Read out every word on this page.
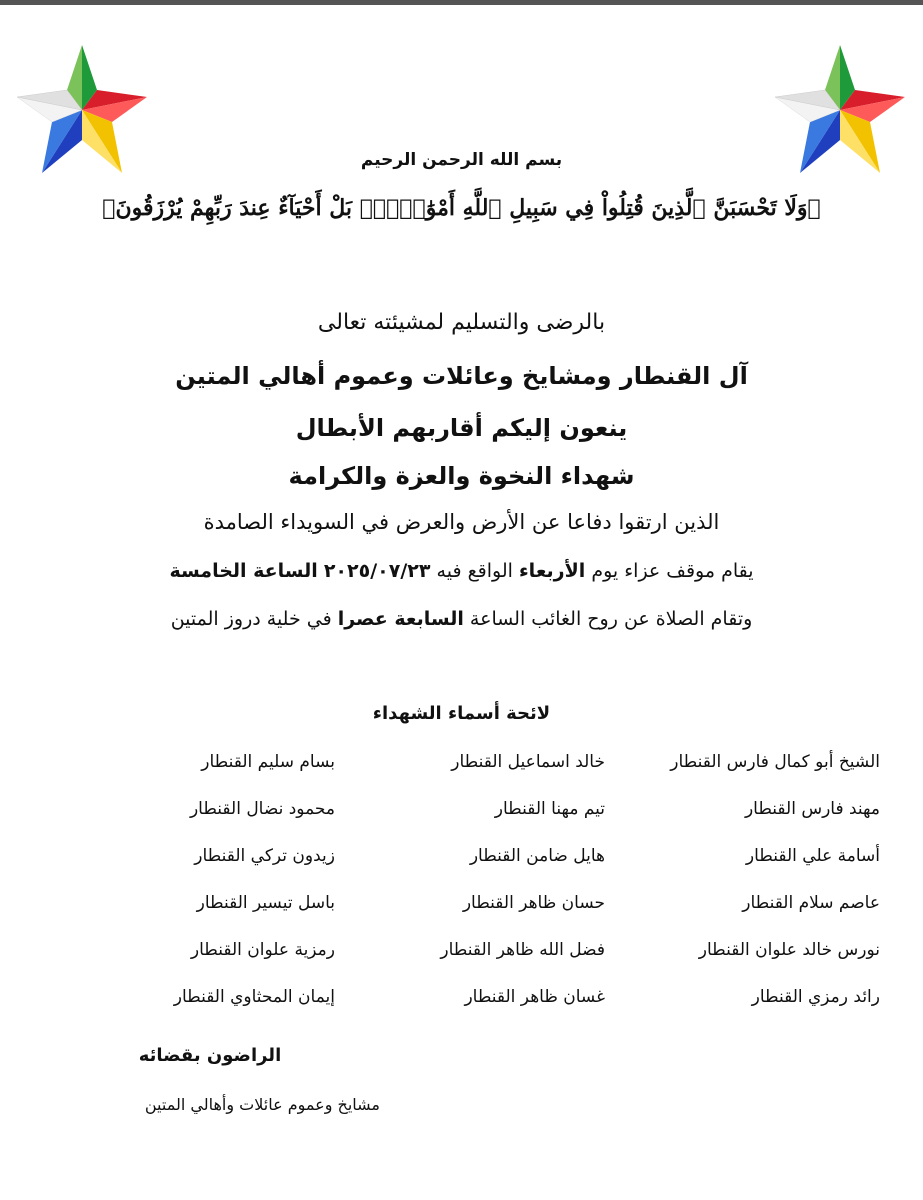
بسم الله الرحمن الرحيم
﴿وَلَا تَحْسَبَنَّ ٱلَّذِينَ قُتِلُواْ فِي سَبِيلِ ٱللَّهِ أَمْوَٰتَۢاۚ بَلْ أَحْيَآءٌ عِندَ رَبِّهِمْ يُرْزَقُونَ﴾
بالرضى والتسليم لمشيئته تعالى
آل القنطار ومشايخ وعائلات وعموم أهالي المتين
ينعون إليكم أقاربهم الأبطال
شهداء النخوة والعزة والكرامة
الذين ارتقوا دفاعا عن الأرض والعرض في السويداء الصامدة
يقام موقف عزاء يوم الأربعاء الواقع فيه ٢٠٢٥/٠٧/٢٣ الساعة الخامسة
وتقام الصلاة عن روح الغائب الساعة السابعة عصرا في خلية دروز المتين
لائحة أسماء الشهداء
الشيخ أبو كمال فارس القنطار
خالد اسماعيل القنطار
بسام سليم القنطار
مهند فارس القنطار
تيم مهنا القنطار
محمود نضال القنطار
أسامة علي القنطار
هايل ضامن القنطار
زيدون تركي القنطار
عاصم سلام القنطار
حسان ظاهر القنطار
باسل تيسير القنطار
نورس خالد علوان القنطار
فضل الله ظاهر القنطار
رمزية علوان القنطار
رائد رمزي القنطار
غسان ظاهر القنطار
إيمان المحثاوي القنطار
الراضون بقضائه
مشايخ وعموم عائلات وأهالي المتين
